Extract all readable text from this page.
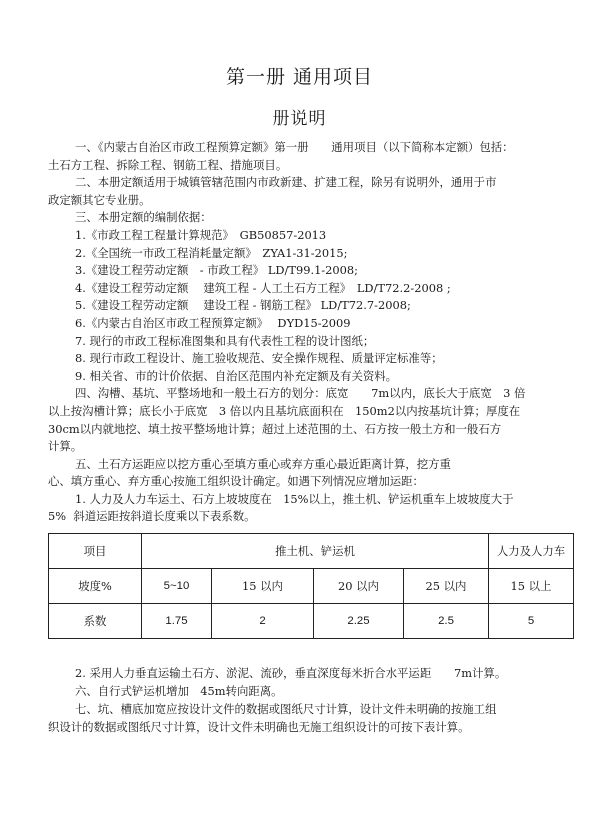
第一册 通用项目
册说明

一、《内蒙古自治区市政工程预算定额》第一册　　通用项目（以下简称本定额）包括：

土石方工程、拆除工程、钢筋工程、措施项目。

二、本册定额适用于城镇管辖范围内市政新建、扩建工程，除另有说明外，通用于市

政定额其它专业册。

三、本册定额的编制依据：

1.《市政工程工程量计算规范》　GB50857-2013

2.《全国统一市政工程消耗量定额》　ZYA1-31-2015;

3.《建设工程劳动定额　- 市政工程》 LD/T99.1-2008;

4.《建设工程劳动定额　 建筑工程 - 人工土石方工程》　LD/T72.2-2008 ;

5.《建设工程劳动定额　 建设工程 - 钢筋工程》 LD/T72.7-2008;

6.《内蒙古自治区市政工程预算定额》　 DYD15-2009

7. 现行的市政工程标准图集和具有代表性工程的设计图纸；

8. 现行市政工程设计、施工验收规范、安全操作规程、质量评定标准等；

9. 相关省、市的计价依据、自治区范围内补充定额及有关资料。

四、沟槽、基坑、平整场地和一般土石方的划分：底宽　　7m以内，底长大于底宽　3 倍

以上按沟槽计算；底长小于底宽　3 倍以内且基坑底面积在　150m2以内按基坑计算；厚度在

30cm以内就地挖、填土按平整场地计算；超过上述范围的土、石方按一般土方和一般石方

计算。

五、土石方运距应以挖方重心至填方重心或弃方重心最近距离计算，挖方重

心、填方重心、弃方重心按施工组织设计确定。如遇下列情况应增加运距：

1. 人力及人力车运土、石方上坡坡度在　15%以上，推土机、铲运机重车上坡坡度大于

5%  斜道运距按斜道长度乘以下表系数。

项目	推土机、铲运机				人力及人力车
坡度%	5~10	15 以内	20 以内	25 以内	15 以上
系数	1.75	2	2.25	2.5	5

2. 采用人力垂直运输土石方、淤泥、流砂，垂直深度每米折合水平运距　　7m计算。

六、自行式铲运机增加　45m转向距离。

七、坑、槽底加宽应按设计文件的数据或图纸尺寸计算，设计文件未明确的按施工组

织设计的数据或图纸尺寸计算，设计文件未明确也无施工组织设计的可按下表计算。
